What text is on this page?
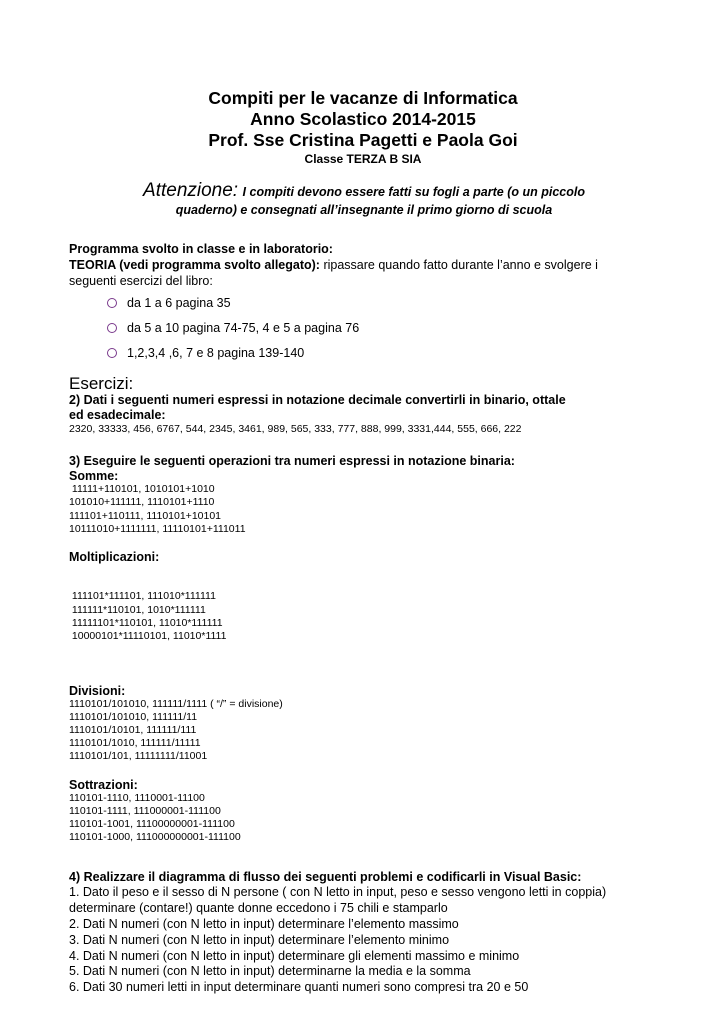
Compiti per le vacanze di Informatica
Anno Scolastico 2014-2015
Prof. Sse Cristina Pagetti e Paola Goi
Classe TERZA B SIA
Attenzione: I compiti devono essere fatti su fogli a parte (o un piccolo
quaderno) e consegnati all’insegnante il primo giorno di scuola
Programma svolto in classe e in laboratorio:
TEORIA (vedi programma svolto allegato): ripassare quando fatto durante l’anno e svolgere i
seguenti esercizi del libro:
da 1 a 6 pagina 35
da 5 a 10 pagina 74-75, 4 e 5 a pagina 76
1,2,3,4 ,6, 7 e 8 pagina 139-140
Esercizi:
2) Dati i seguenti numeri espressi in notazione decimale convertirli in binario, ottale
ed esadecimale:
2320, 33333, 456, 6767, 544, 2345, 3461, 989, 565, 333, 777, 888, 999, 3331,444, 555, 666, 222
3) Eseguire le seguenti operazioni tra numeri espressi in notazione binaria:
Somme:
11111+110101, 1010101+1010
101010+111111, 1110101+1110
111101+110111, 1110101+10101
10111010+1111111, 11110101+111011
Moltiplicazioni:

111101*111101, 111010*111111
111111*110101, 1010*111111
11111101*110101, 11010*111111
10000101*11110101, 11010*1111

Divisioni:
1110101/101010, 111111/1111 ( “/” = divisione)
1110101/101010, 111111/11
1110101/10101, 111111/111
1110101/1010, 111111/11111
1110101/101, 11111111/11001
Sottrazioni:
110101-1110, 1110001-11100
110101-1111, 111000001-111100
110101-1001, 11100000001-111100
110101-1000, 111000000001-111100
4) Realizzare il diagramma di flusso dei seguenti problemi e codificarli in Visual Basic:
1. Dato il peso e il sesso di N persone ( con N letto in input, peso e sesso vengono letti in coppia)
determinare (contare!) quante donne eccedono i 75 chili e stamparlo
2. Dati N numeri (con N letto in input) determinare l’elemento massimo
3. Dati N numeri (con N letto in input) determinare l’elemento minimo
4. Dati N numeri (con N letto in input) determinare gli elementi massimo e minimo
5. Dati N numeri (con N letto in input) determinarne la media e la somma
6. Dati 30 numeri letti in input determinare quanti numeri sono compresi tra 20 e 50
